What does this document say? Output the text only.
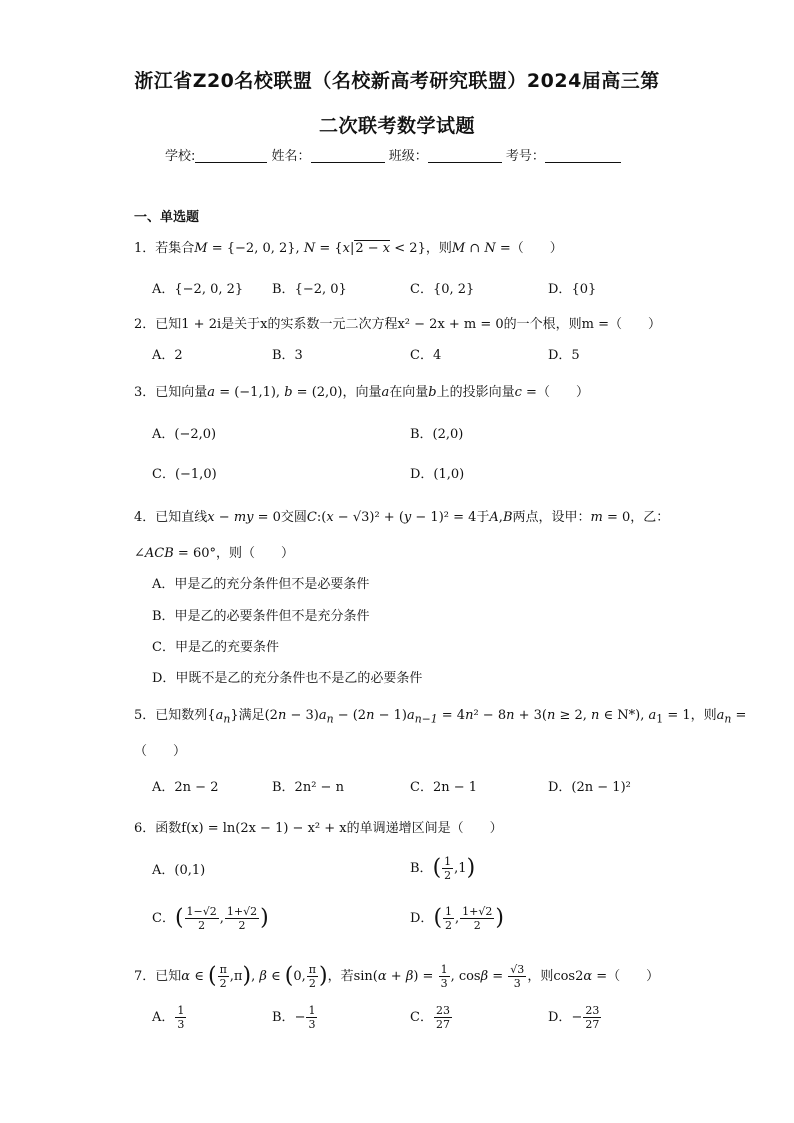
浙江省Z20名校联盟（名校新高考研究联盟）2024届高三第
二次联考数学试题
学校:	姓名：	班级：	考号：
一、单选题
1．若集合M = {−2, 0, 2}, N = {x|2 − x < 2}，则M ∩ N =（　　）
A．{−2, 0, 2} B．{−2, 0}	C．{0, 2}	D．{0}
2．已知1 + 2i是关于x的实系数一元二次方程x² − 2x + m = 0的一个根，则m =（　　）
A．2	B．3	C．4	D．5
3．已知向量a = (−1,1), b = (2,0)，向量a在向量b上的投影向量c =（　　）
A．(−2,0)	B．(2,0)
C．(−1,0)	D．(1,0)
4．已知直线x − my = 0交圆C:(x − √3)² + (y − 1)² = 4于A,B两点，设甲：m = 0，乙：
∠ACB = 60°，则（　　）
A．甲是乙的充分条件但不是必要条件
B．甲是乙的必要条件但不是充分条件
C．甲是乙的充要条件
D．甲既不是乙的充分条件也不是乙的必要条件
5．已知数列$\{a_n\}$满足$(2n - 3)a_n - (2n - 1)a_{n-1} = 4n^2 - 8n + 3(n \ge 2$, n ∈ N*), $a_1 = 1$，则$a_n$ =
（　　）
A．2n − 2	B．2n² − n	C．2n − 1	D．(2n − 1)²
6．函数f(x) = ln(2x − 1) − x² + x的单调递增区间是（　　）
A．(0,1)	B．( $\frac{1}{2} ,1$)
C．( $\frac{1-√2}{2}$ , $\frac{1+√2}{2}$ )	D．( $\frac{1}{2}$ , $\frac{1+√2}{2}$ )
7．已知α ∈ ( $\frac{\pi}{2} ,\pi$), β ∈ (0, $\frac{\pi}{2}$ )，若$\sin(\alpha + \beta) = \frac{1}{3}$ , $\cos\beta = \frac{√3}{3}$ ，则cos2α =（　　）
A． $\frac{1}{3}$	B．− $\frac{1}{3}$	C． $\frac{23}{27}$	D．− $\frac{23}{27}$
